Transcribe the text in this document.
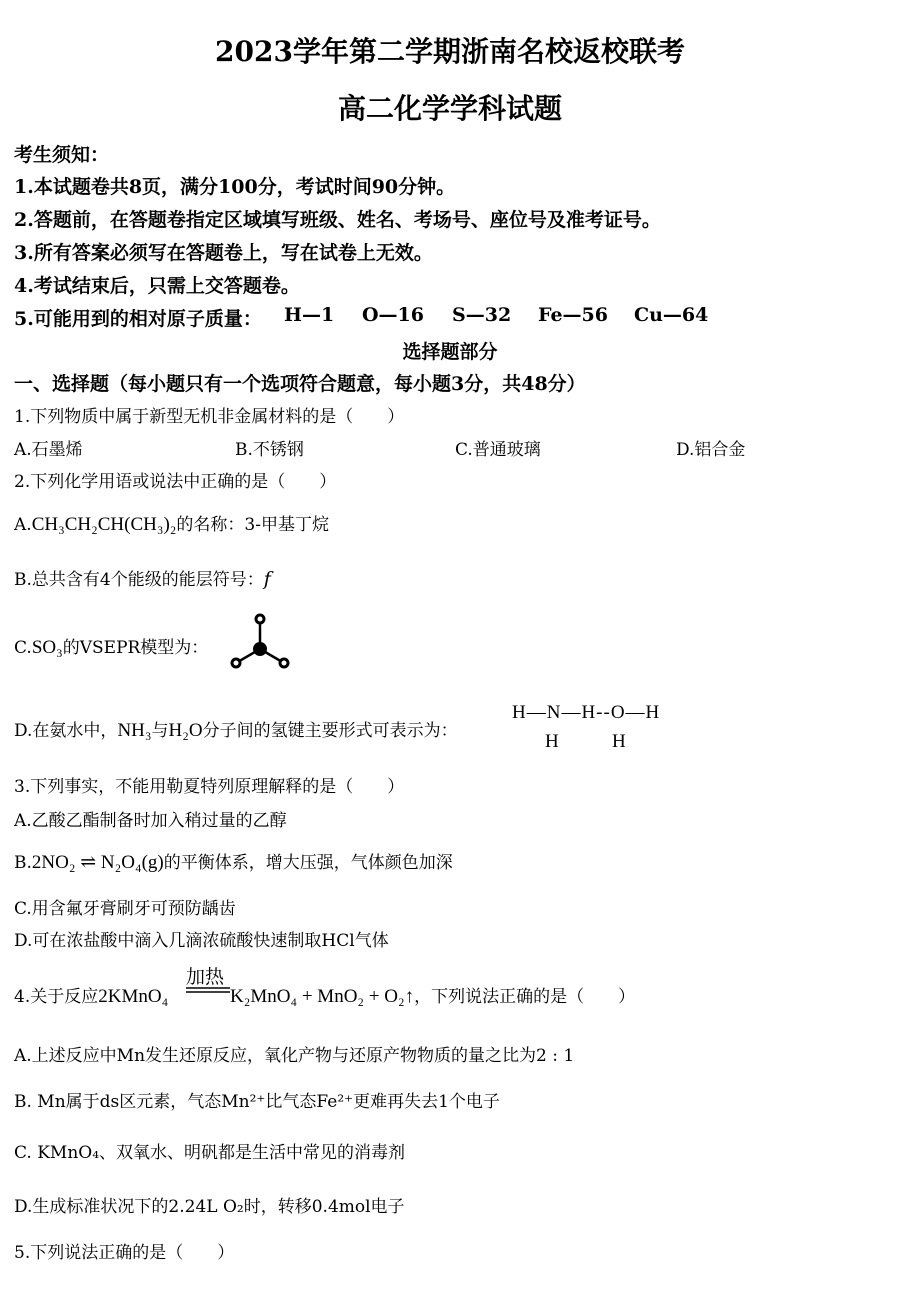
2023学年第二学期浙南名校返校联考
高二化学学科试题
考生须知：
1.本试题卷共8页，满分100分，考试时间90分钟。
2.答题前，在答题卷指定区域填写班级、姓名、考场号、座位号及准考证号。
3.所有答案必须写在答题卷上，写在试卷上无效。
4.考试结束后，只需上交答题卷。
5.可能用到的相对原子质量： H—1 O—16 S—32 Fe—56 Cu—64
选择题部分
一、选择题（每小题只有一个选项符合题意，每小题3分，共48分）
1.下列物质中属于新型无机非金属材料的是（　　）
A.石墨烯	B.不锈钢	C.普通玻璃	D.铝合金
2.下列化学用语或说法中正确的是（　　）
A.CH₃CH₂CH(CH₃)₂的名称：3-甲基丁烷
B.总共含有4个能级的能层符号：f
C.SO₃的VSEPR模型为：
D.在氨水中，NH₃与H₂O分子间的氢键主要形式可表示为：
H—N—H--O—H
H	H
3.下列事实，不能用勒夏特列原理解释的是（　　）
A.乙酸乙酯制备时加入稍过量的乙醇
B.2NO₂ ⇌ N₂O₄(g)的平衡体系，增大压强，气体颜色加深
C.用含氟牙膏刷牙可预防龋齿
D.可在浓盐酸中滴入几滴浓硫酸快速制取HCl气体
加热
4.关于反应2KMnO₄	K₂MnO₄ + MnO₂ + O₂↑，下列说法正确的是（　　）
A.上述反应中Mn发生还原反应，氧化产物与还原产物物质的量之比为2 : 1
B. Mn属于ds区元素，气态Mn²⁺比气态Fe²⁺更难再失去1个电子
C. KMnO₄、双氧水、明矾都是生活中常见的消毒剂
D.生成标准状况下的2.24L O₂时，转移0.4mol电子
5.下列说法正确的是（　　）
